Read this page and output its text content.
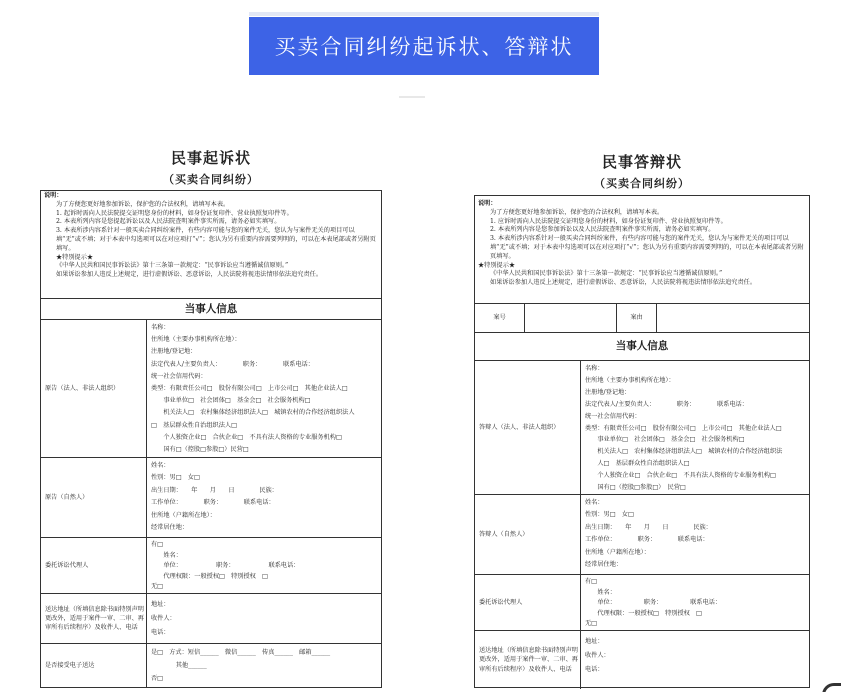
买卖合同纠纷起诉状、答辩状
民事起诉状
（买卖合同纠纷）

说明：

为了方便您更好地参加诉讼，保护您的合法权利，请填写本表。

1. 起诉时需向人民法院提交证明您身份的材料，如身份证复印件、营业执照复印件等。

2. 本表所列内容是您提起诉讼以及人民法院查明案件事实所需，请务必如实填写。

3. 本表所涉内容系针对一般买卖合同纠纷案件，有些内容可能与您的案件无关，您认为与案件无关的项目可以填“无”或不填；对于本表中勾选项可以在对应项打“√”；您认为另有重要内容需要列明的，可以在本表尾部或者另附页填写。

★特别提示★

《中华人民共和国民事诉讼法》第十三条第一款规定：“民事诉讼应当遵循诚信原则。”

如果诉讼参加人违反上述规定，进行虚假诉讼、恶意诉讼，人民法院将视违法情形依法追究责任。

当事人信息
原告（法人、非法人组织）
名称：
住所地（主要办事机构所在地）：
注册地/登记地：
法定代表人/主要负责人：　　　　职务：　　　　联系电话：
统一社会信用代码：
类型：有限责任公司□　股份有限公司□　上市公司□　其他企业法人□
　　事业单位□　社会团体□　基金会□　社会服务机构□
　　机关法人□　农村集体经济组织法人□　城镇农村的合作经济组织法人
□　基层群众性自治组织法人□
　　个人独资企业□　合伙企业□　不具有法人资格的专业服务机构□
　　国有□（控股□参股□）民营□
原告（自然人）
姓名：
性别：男□　女□
出生日期：　　年　　月　　日　　　　民族：
工作单位：　　　　职务：　　　　联系电话：
住所地（户籍所在地）：
经常居住地：
委托诉讼代理人
有□
　　姓名：
　　单位：　　　　　　职务：　　　　　　联系电话：
　　代理权限：一般授权□　特别授权　□
无□
送达地址（所填信息除书面特别声明更改外，适用于案件一审、二审、再审所有后续程序）及收件人、电话
地址：
收件人：
电话：
是否接受电子送达
是□　方式：短信______　微信______　传真______　邮箱______
　　　　其他______
否□
民事答辩状
（买卖合同纠纷）

说明：

为了方便您更好地参加诉讼，保护您的合法权利，请填写本表。

1. 应诉时需向人民法院提交证明您身份的材料，如身份证复印件、营业执照复印件等。

2. 本表所列内容是您参加诉讼以及人民法院查明案件事实所需，请务必如实填写。

3. 本表所涉内容系针对一般买卖合同纠纷案件，有些内容可能与您的案件无关，您认为与案件无关的项目可以填“无”或不填；对于本表中勾选项可以在对应项打“√”；您认为另有重要内容需要列明的，可以在本表尾部或者另附页填写。

★特别提示★

《中华人民共和国民事诉讼法》第十三条第一款规定：“民事诉讼应当遵循诚信原则。”

如果诉讼参加人违反上述规定，进行虚假诉讼、恶意诉讼，人民法院将视违法情形依法追究责任。

案号	案由
当事人信息
答辩人（法人、非法人组织）
名称：
住所地（主要办事机构所在地）：
注册地/登记地：
法定代表人/主要负责人：　　　　职务：　　　　联系电话：
统一社会信用代码：
类型：有限责任公司□　股份有限公司□　上市公司□　其他企业法人□
　　事业单位□　社会团体□　基金会□　社会服务机构□
　　机关法人□　农村集体经济组织法人□　城镇农村的合作经济组织法
　　人□　基层群众性自治组织法人□
　　个人独资企业□　合伙企业□　不具有法人资格的专业服务机构□
　　国有□（控股□参股□）　民营□
答辩人（自然人）
姓名：
性别：男□　女□
出生日期：　　年　　月　　日　　　　民族：
工作单位：　　　　职务：　　　　联系电话：
住所地（户籍所在地）：
经常居住地：
委托诉讼代理人
有□
　　姓名：
　　单位：　　　　　职务：　　　　　联系电话：
　　代理权限：一般授权□　特别授权　□
无□
送达地址（所填信息除书面特别声明更改外，适用于案件一审、二审、再审所有后续程序）及收件人、电话
地址：
收件人：
电话：
